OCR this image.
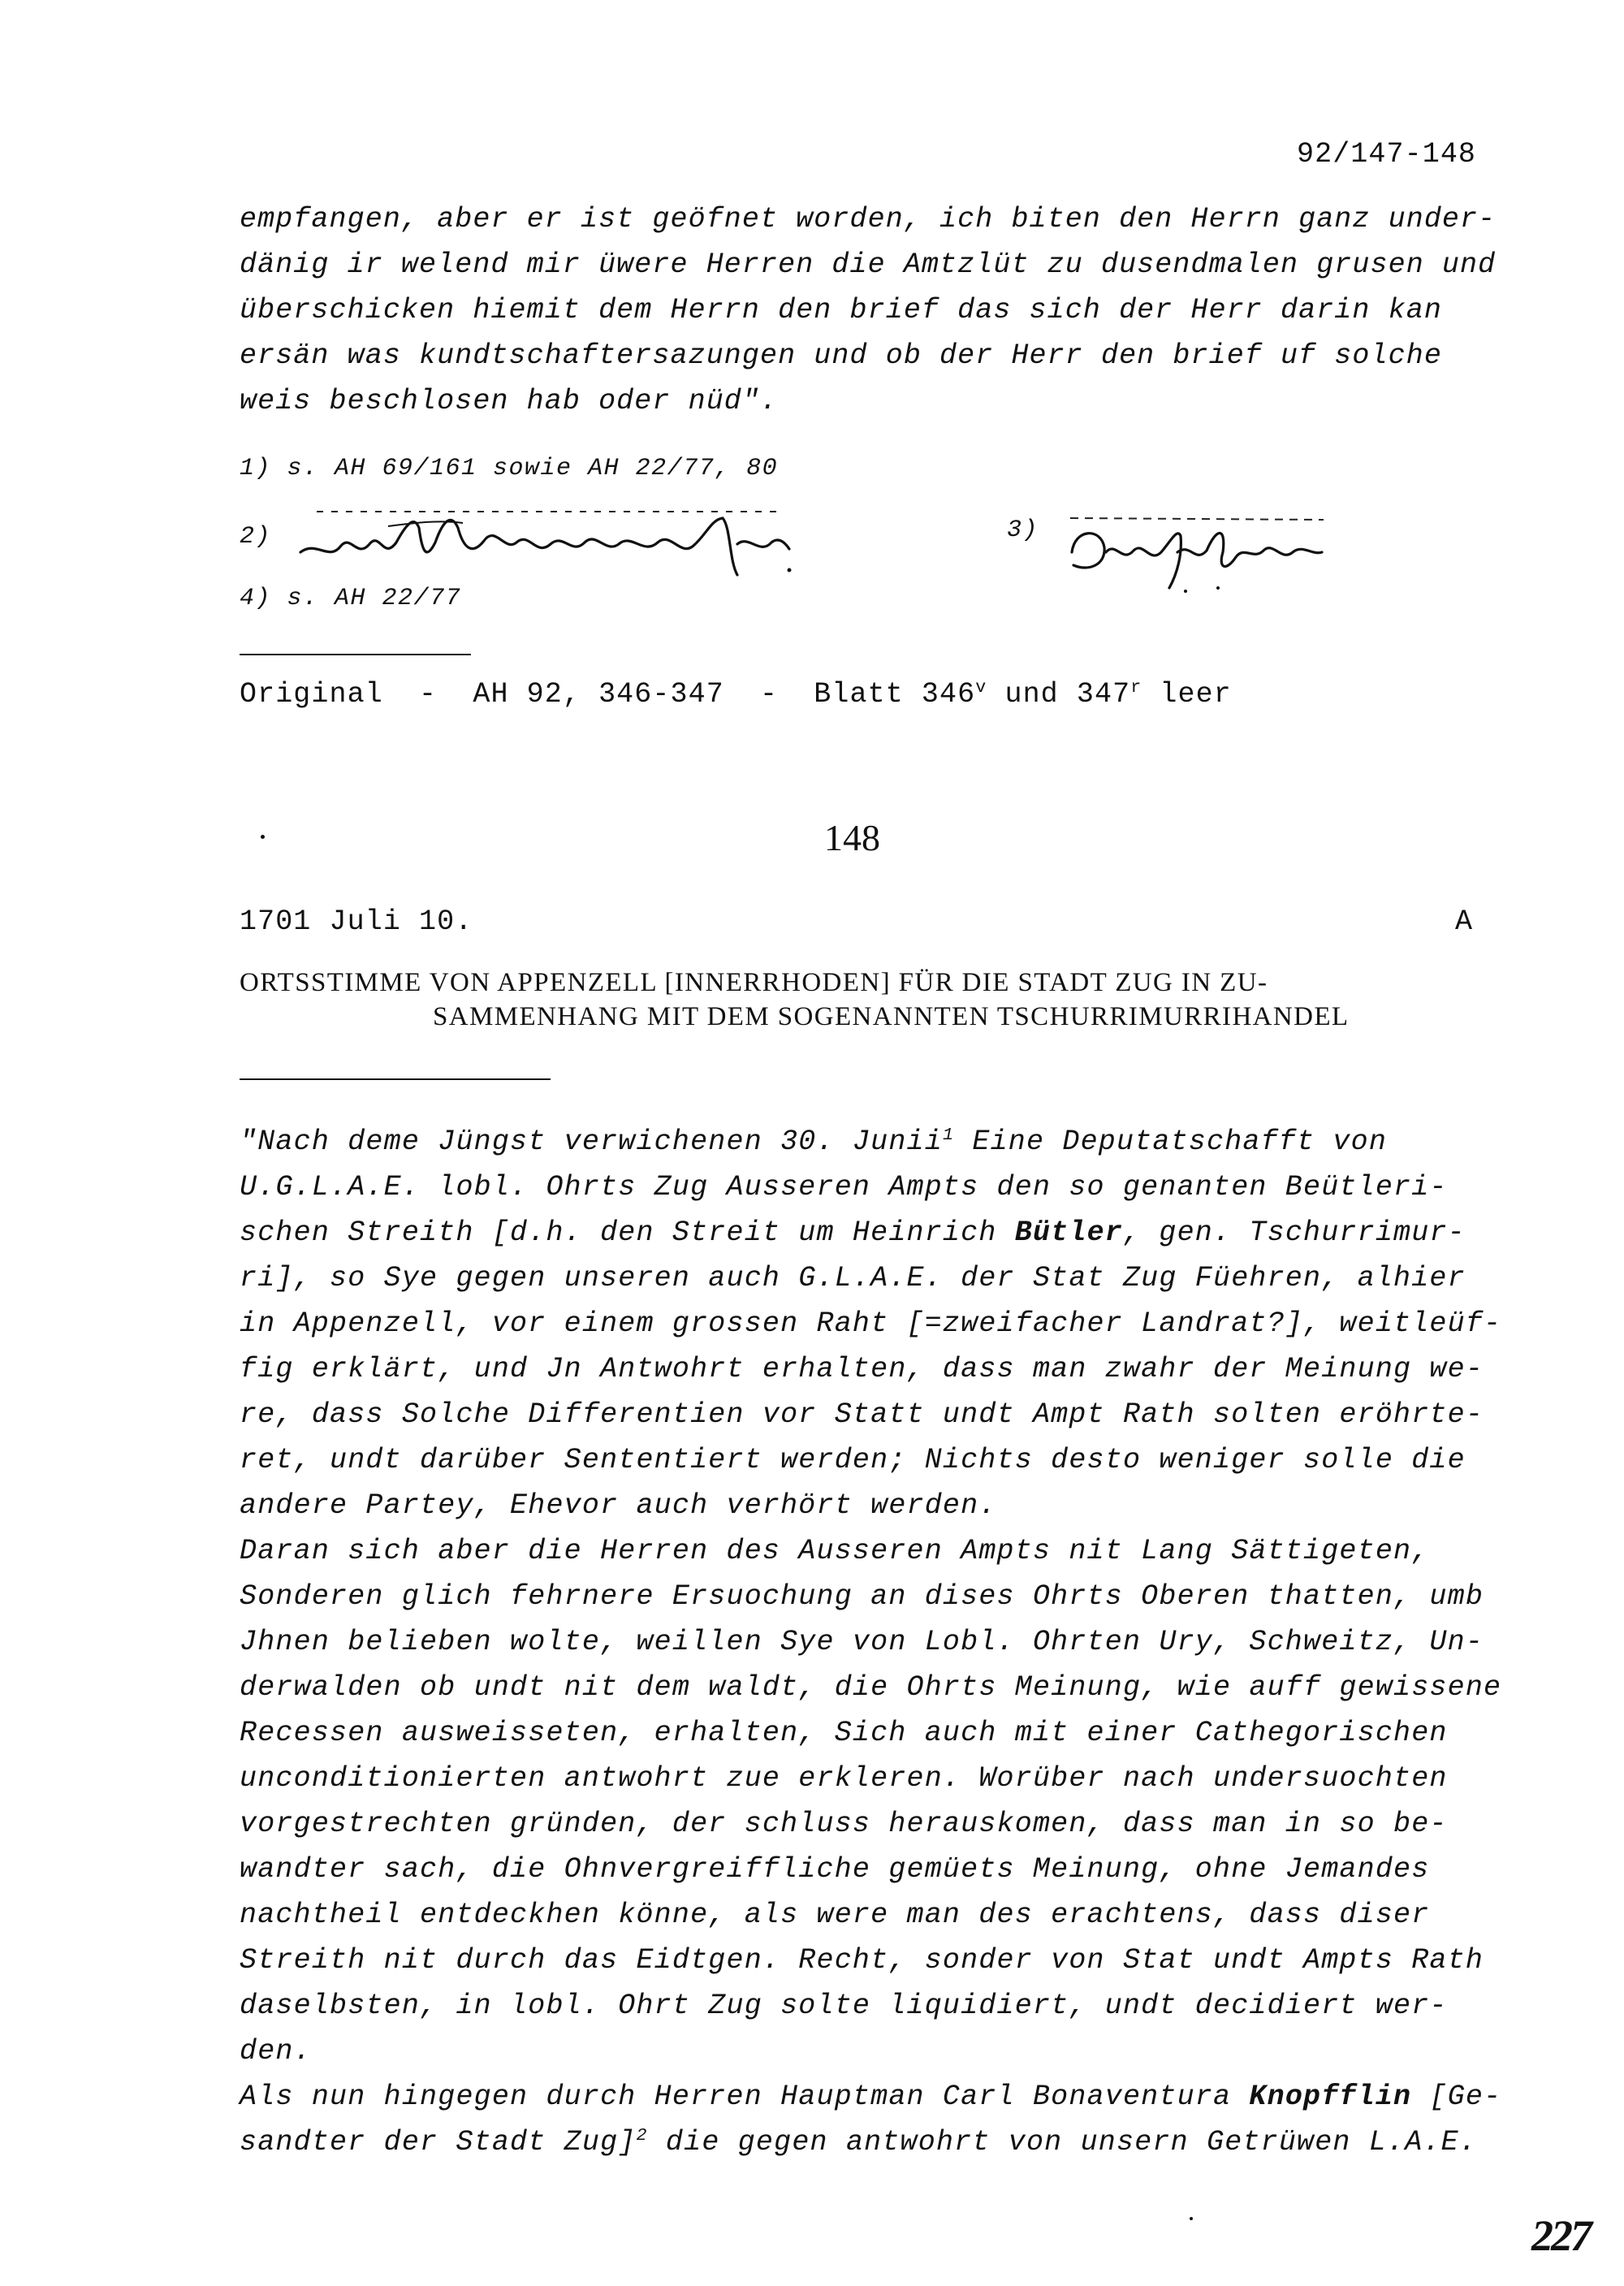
92/147-148
empfangen, aber er ist geöfnet worden, ich biten den Herrn ganz under-
dänig ir welend mir üwere Herren die Amtzlüt zu dusendmalen grusen und
überschicken hiemit dem Herrn den brief das sich der Herr darin kan
ersän was kundtschaftersazungen und ob der Herr den brief uf solche
weis beschlosen hab oder nüd".
1) s. AH 69/161 sowie AH 22/77, 80
2)	3)
4) s. AH 22/77
Original  -  AH 92, 346-347  -  Blatt 346$^v$ und 347$^r$ leer
148
1701 Juli 10.	A
ORTSSTIMME VON APPENZELL [INNERRHODEN] FÜR DIE STADT ZUG IN ZU-
SAMMENHANG MIT DEM SOGENANNTEN TSCHURRIMURRIHANDEL
"Nach deme Jüngst verwichenen 30. Junii$^1$ Eine Deputatschafft von
U.G.L.A.E. lobl. Ohrts Zug Ausseren Ampts den so genanten Beütleri-
schen Streith [d.h. den Streit um Heinrich Bütler, gen. Tschurrimur-
ri], so Sye gegen unseren auch G.L.A.E. der Stat Zug Füehren, alhier
in Appenzell, vor einem grossen Raht [=zweifacher Landrat?], weitleüf-
fig erklärt, und Jn Antwohrt erhalten, dass man zwahr der Meinung we-
re, dass Solche Differentien vor Statt undt Ampt Rath solten eröhrte-
ret, undt darüber Sententiert werden; Nichts desto weniger solle die
andere Partey, Ehevor auch verhört werden.
Daran sich aber die Herren des Ausseren Ampts nit Lang Sättigeten,
Sonderen glich fehrnere Ersuochung an dises Ohrts Oberen thatten, umb
Jhnen belieben wolte, weillen Sye von Lobl. Ohrten Ury, Schweitz, Un-
derwalden ob undt nit dem waldt, die Ohrts Meinung, wie auff gewissene
Recessen ausweisseten, erhalten, Sich auch mit einer Cathegorischen
unconditionierten antwohrt zue erkleren. Worüber nach undersuochten
vorgestrechten gründen, der schluss herauskomen, dass man in so be-
wandter sach, die Ohnvergreiffliche gemüets Meinung, ohne Jemandes
nachtheil entdeckhen könne, als were man des erachtens, dass diser
Streith nit durch das Eidtgen. Recht, sonder von Stat undt Ampts Rath
daselbsten, in lobl. Ohrt Zug solte liquidiert, undt decidiert wer-
den.
Als nun hingegen durch Herren Hauptman Carl Bonaventura Knopfflin [Ge-
sandter der Stadt Zug]$^2$ die gegen antwohrt von unsern Getrüwen L.A.E.
227
